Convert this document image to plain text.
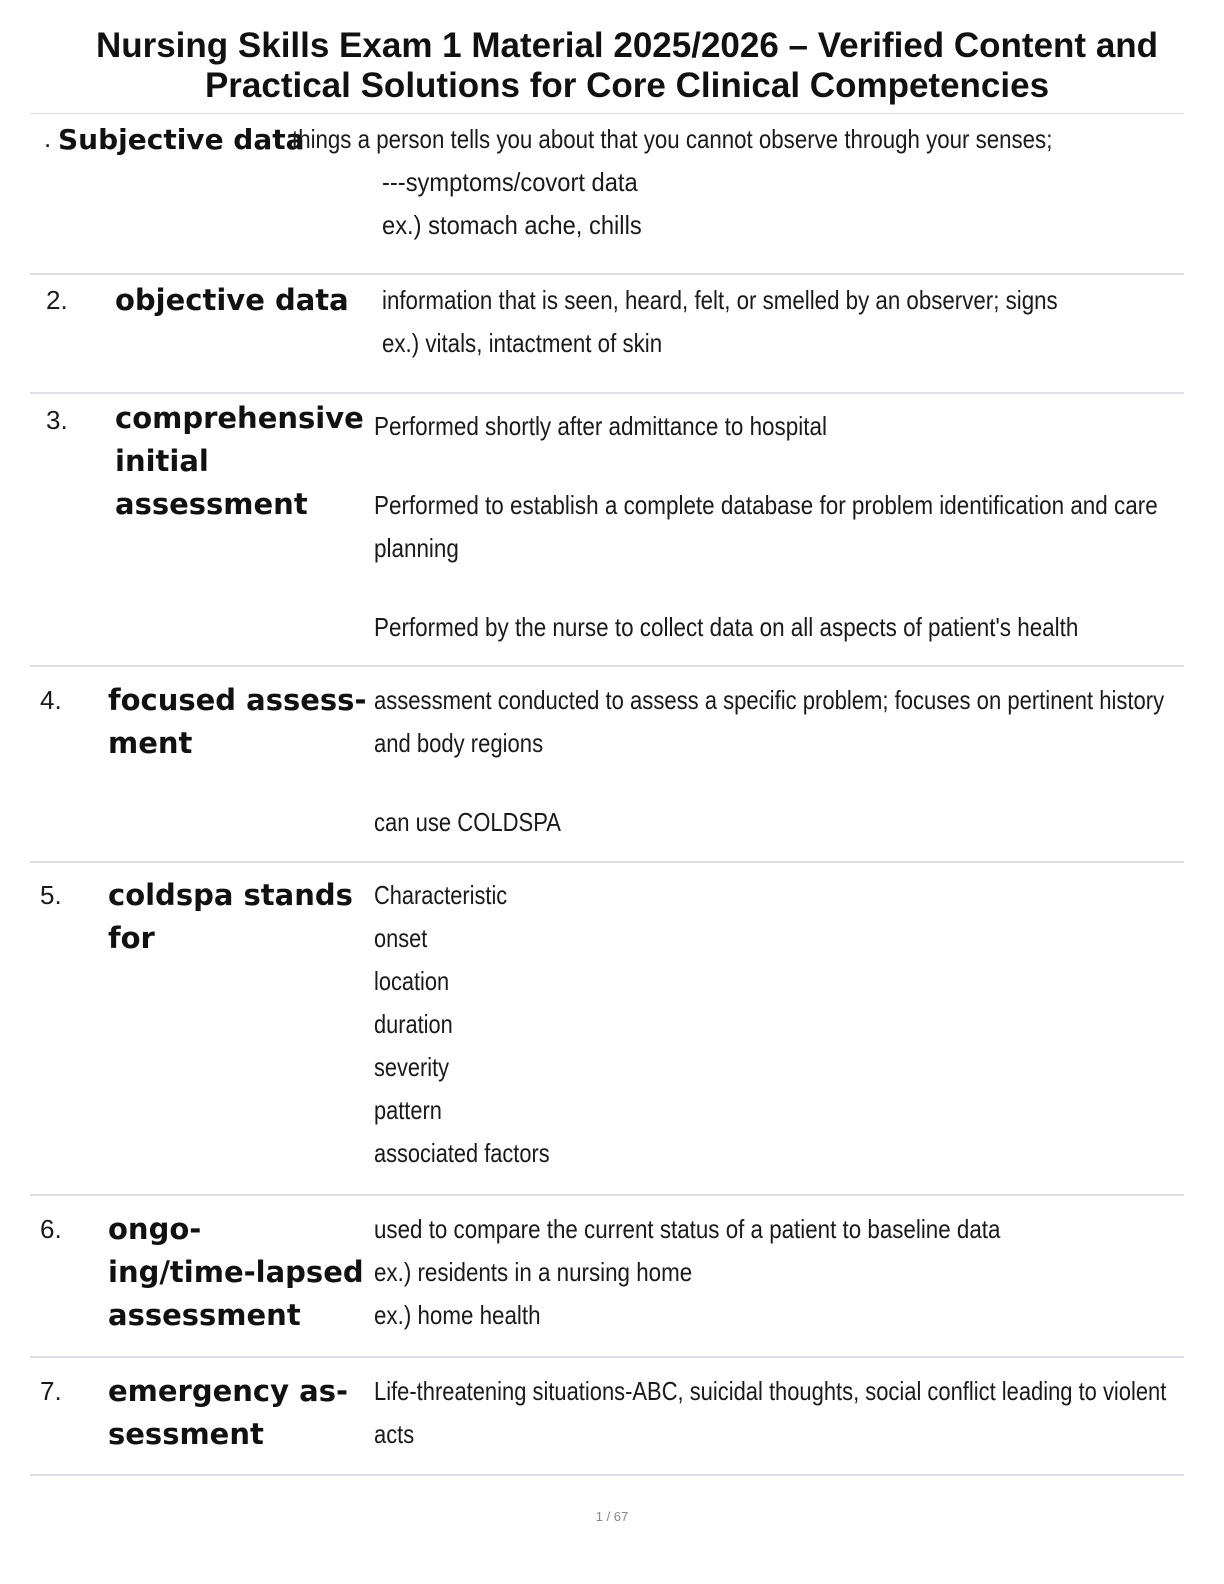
Nursing Skills Exam 1 Material 2025/2026 – Verified Content and
Practical Solutions for Core Clinical Competencies
. Subjective data
things a person tells you about that you cannot observe through your senses;
---symptoms/covort data
ex.) stomach ache, chills
2. objective data information that is seen, heard, felt, or smelled by an observer; signs
ex.) vitals, intactment of skin
3. comprehensive
initial
assessment
Performed shortly after admittance to hospital
Performed to establish a complete database for problem identification and care
planning
Performed by the nurse to collect data on all aspects of patient's health
4. focused assess-
ment
assessment conducted to assess a specific problem; focuses on pertinent history
and body regions
can use COLDSPA
5. coldspa stands
for
Characteristic
onset
location
duration
severity
pattern
associated factors
6. ongo-
ing/time-lapsed
assessment
used to compare the current status of a patient to baseline data
ex.) residents in a nursing home
ex.) home health
7. emergency as-
sessment
Life-threatening situations-ABC, suicidal thoughts, social conflict leading to violent
acts
1 / 67
